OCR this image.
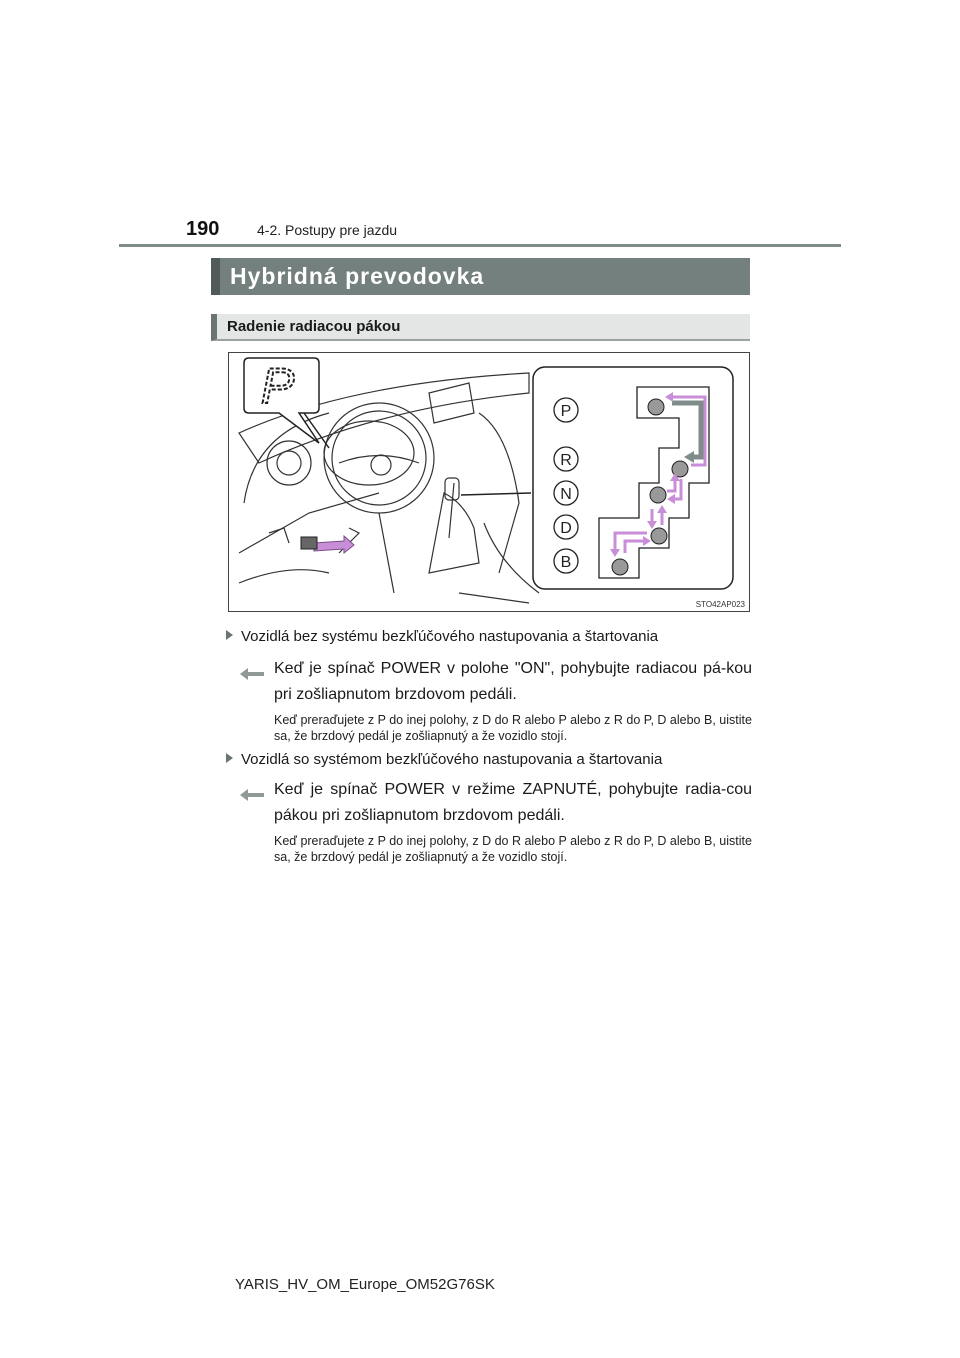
190	4-2. Postupy pre jazdu
Hybridná prevodovka
Radenie radiacou pákou
P	P
R
N
D
B
STO42AP023
Vozidlá bez systému bezkľúčového nastupovania a štartovania
Keď je spínač POWER v polohe "ON", pohybujte radiacou pá-kou pri zošliapnutom brzdovom pedáli.
Keď preraďujete z P do inej polohy, z D do R alebo P alebo z R do P, D alebo B, uistite sa, že brzdový pedál je zošliapnutý a že vozidlo stojí.
Vozidlá so systémom bezkľúčového nastupovania a štartovania
Keď je spínač POWER v režime ZAPNUTÉ, pohybujte radia-cou pákou pri zošliapnutom brzdovom pedáli.
Keď preraďujete z P do inej polohy, z D do R alebo P alebo z R do P, D alebo B, uistite sa, že brzdový pedál je zošliapnutý a že vozidlo stojí.
YARIS_HV_OM_Europe_OM52G76SK
